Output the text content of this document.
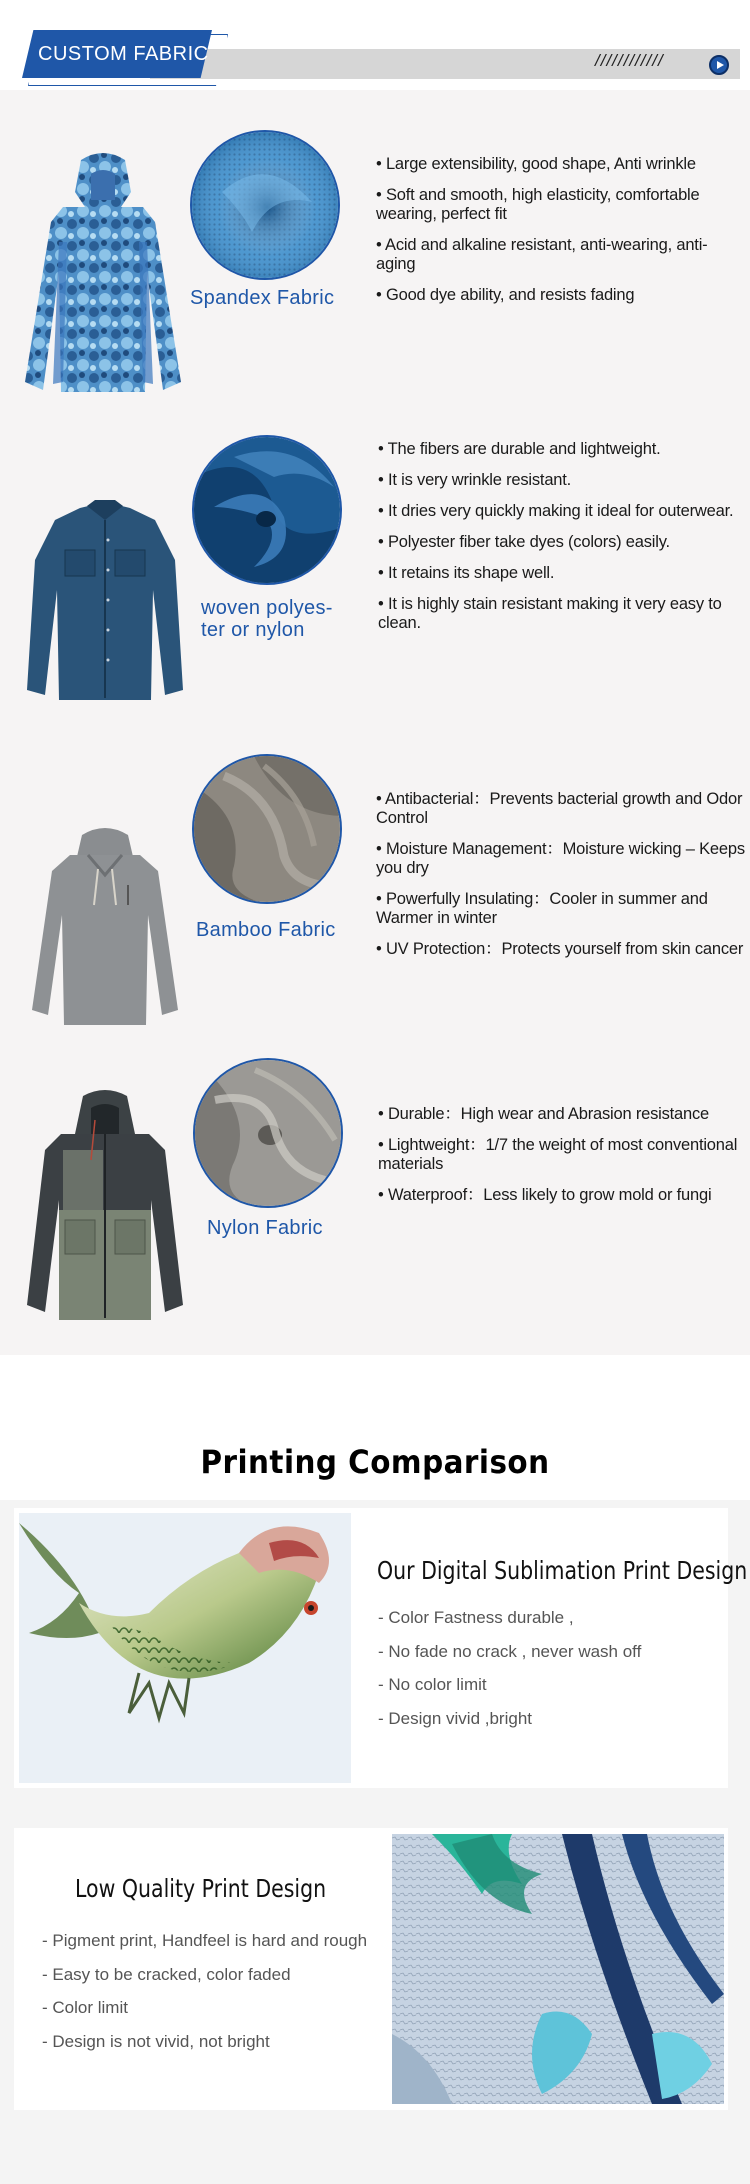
CUSTOM FABRIC	////////////
Spandex Fabric
• Large extensibility, good shape, Anti wrinkle
• Soft and smooth, high elasticity, comfortable wearing, perfect fit
• Acid and alkaline resistant, anti-wearing, anti-aging
• Good dye ability, and resists fading
woven polyes-
ter or nylon
• The fibers are durable and lightweight.
• It is very wrinkle resistant.
• It dries very quickly making it ideal for outerwear.
• Polyester fiber take dyes (colors) easily.
• It retains its shape well.
• It is highly stain resistant making it very easy to clean.
Bamboo Fabric
• Antibacterial：Prevents bacterial growth and Odor Control
• Moisture Management：Moisture wicking – Keeps you dry
• Powerfully Insulating：Cooler in summer and Warmer in winter
• UV Protection：Protects yourself from skin cancer
Nylon Fabric
• Durable：High wear and Abrasion resistance
• Lightweight：1/7 the weight of most conventional materials
• Waterproof：Less likely to grow mold or fungi
Printing Comparison
Our Digital Sublimation Print Design
- Color Fastness durable ,
- No fade no crack , never wash off
- No color limit
- Design vivid ,bright
Low Quality Print Design
- Pigment print, Handfeel is hard and rough
- Easy to be cracked, color faded
- Color limit
- Design is not vivid, not bright
